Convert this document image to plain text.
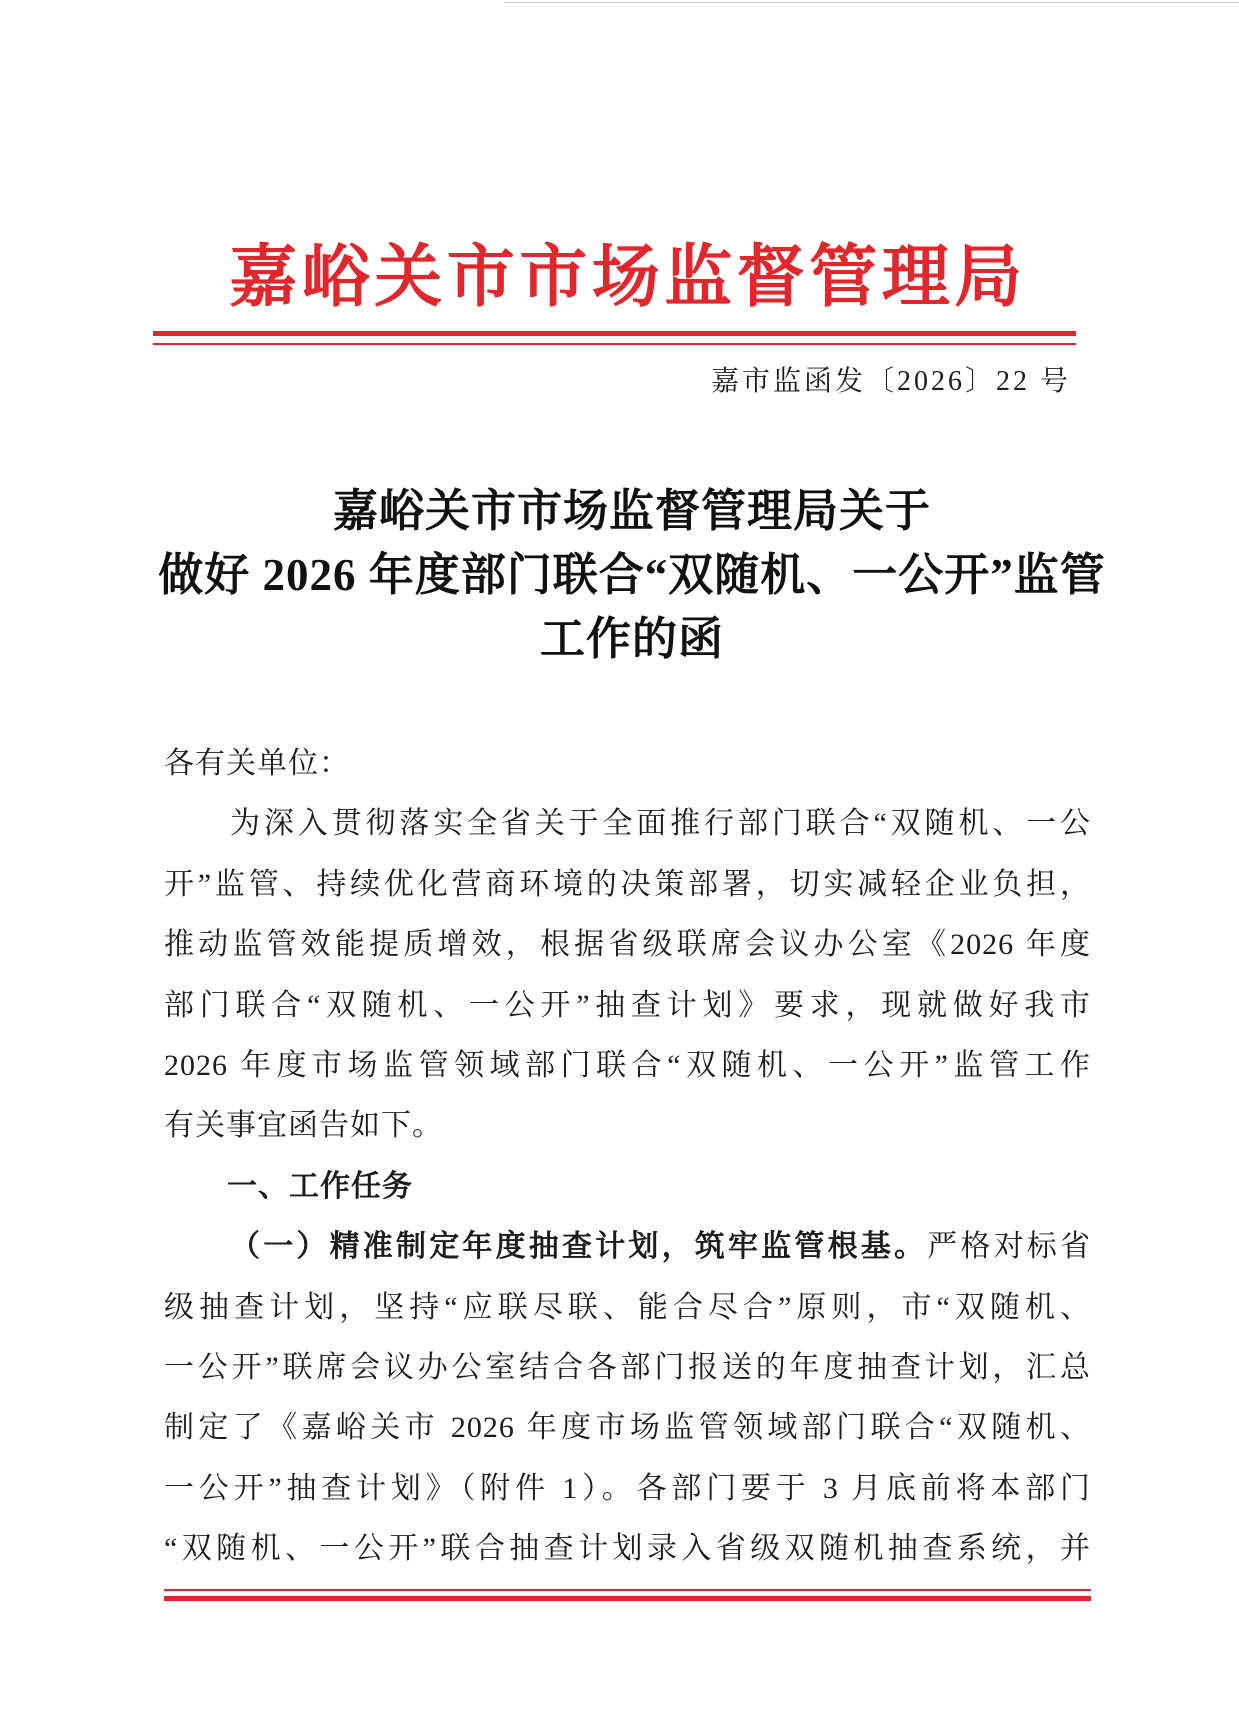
嘉峪关市市场监督管理局
嘉市监函发〔2026〕22 号
嘉峪关市市场监督管理局关于
做好 2026 年度部门联合“双随机、一公开”监管
工作的函
各有关单位：
为深入贯彻落实全省关于全面推行部门联合“双随机、一公
开”监管、持续优化营商环境的决策部署，切实减轻企业负担，
推动监管效能提质增效，根据省级联席会议办公室《2026 年度
部门联合“双随机、一公开”抽查计划》要求，现就做好我市
2026 年度市场监管领域部门联合“双随机、一公开”监管工作
有关事宜函告如下。
一、工作任务
（一）精准制定年度抽查计划，筑牢监管根基。严格对标省
级抽查计划，坚持“应联尽联、能合尽合”原则，市“双随机、
一公开”联席会议办公室结合各部门报送的年度抽查计划，汇总
制定了《嘉峪关市 2026 年度市场监管领域部门联合“双随机、
一公开”抽查计划》（附件 1）。各部门要于 3 月底前将本部门
“双随机、一公开”联合抽查计划录入省级双随机抽查系统，并
